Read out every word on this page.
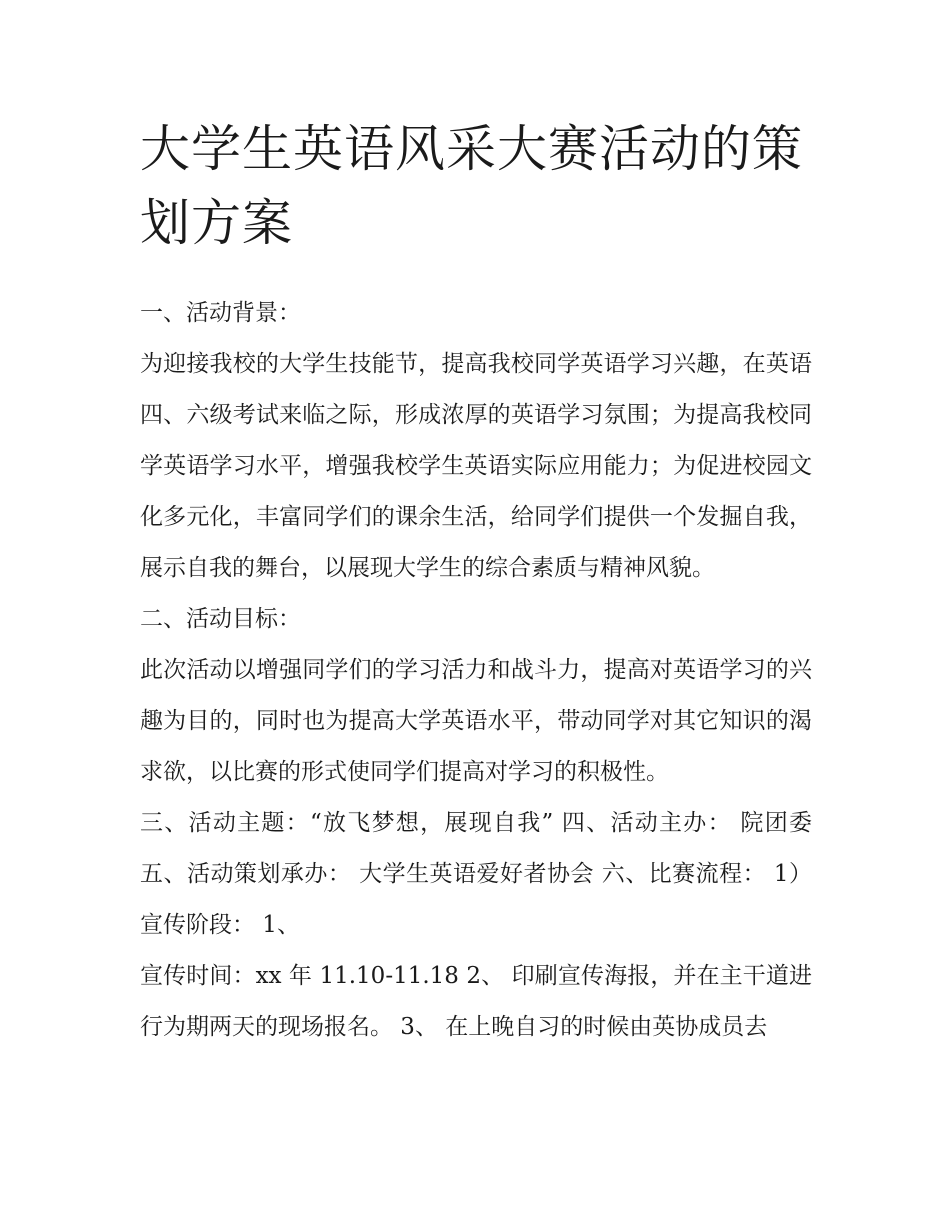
大学生英语风采大赛活动的策划方案

一、活动背景：

为迎接我校的大学生技能节，提高我校同学英语学习兴趣，在英语四、六级考试来临之际，形成浓厚的英语学习氛围；为提高我校同学英语学习水平，增强我校学生英语实际应用能力；为促进校园文化多元化，丰富同学们的课余生活，给同学们提供一个发掘自我，展示自我的舞台，以展现大学生的综合素质与精神风貌。

二、活动目标：

此次活动以增强同学们的学习活力和战斗力，提高对英语学习的兴趣为目的，同时也为提高大学英语水平，带动同学对其它知识的渴求欲，以比赛的形式使同学们提高对学习的积极性。

三、活动主题：“放飞梦想，展现自我” 四、活动主办： 院团委 五、活动策划承办： 大学生英语爱好者协会 六、比赛流程： 1）宣传阶段： 1、

宣传时间：xx 年 11.10-11.18 2、 印刷宣传海报，并在主干道进行为期两天的现场报名。 3、 在上晚自习的时候由英协成员去
